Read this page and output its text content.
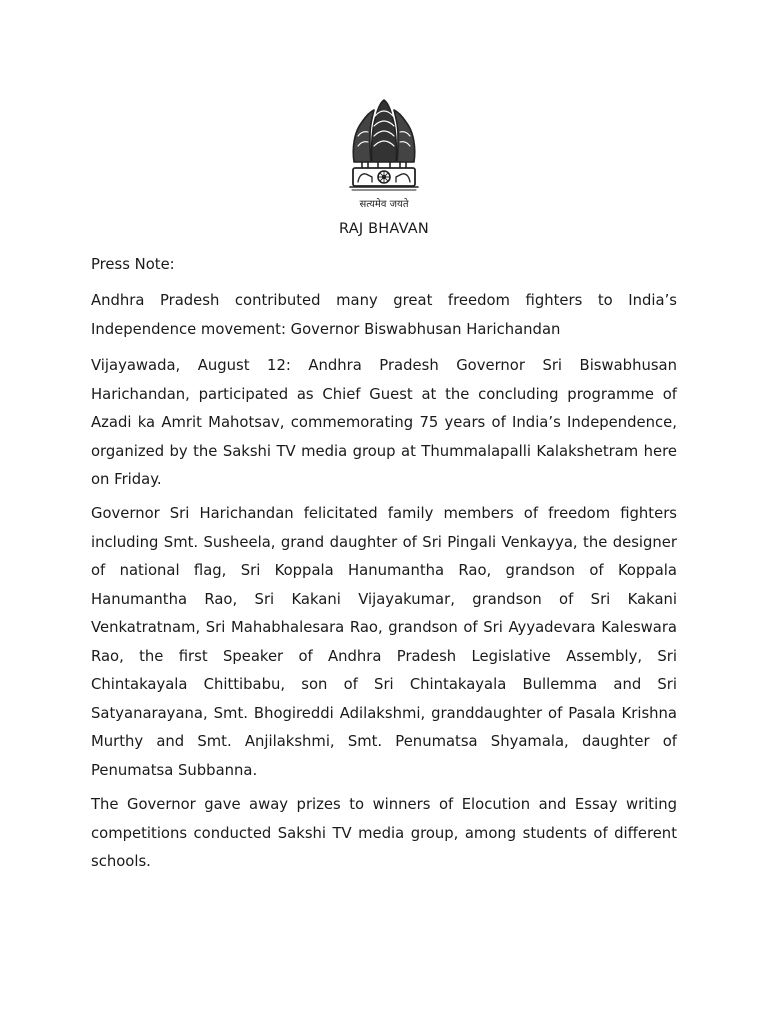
सत्यमेव जयते
RAJ BHAVAN

Press Note:

Andhra Pradesh contributed many great freedom fighters to India’s Independence movement: Governor Biswabhusan Harichandan

Vijayawada, August 12: Andhra Pradesh Governor Sri Biswabhusan Harichandan, participated as Chief Guest at the concluding programme of Azadi ka Amrit Mahotsav, commemorating 75 years of India’s Independence, organized by the Sakshi TV media group at Thummalapalli Kalakshetram here on Friday.

Governor Sri Harichandan felicitated family members of freedom fighters including Smt. Susheela, grand daughter of Sri Pingali Venkayya, the designer of national flag, Sri Koppala Hanumantha Rao, grandson of Koppala Hanumantha Rao, Sri Kakani Vijayakumar, grandson of Sri Kakani Venkatratnam, Sri Mahabhalesara Rao, grandson of Sri Ayyadevara Kaleswara Rao, the first Speaker of Andhra Pradesh Legislative Assembly, Sri Chintakayala Chittibabu, son of Sri Chintakayala Bullemma and Sri Satyanarayana, Smt. Bhogireddi Adilakshmi, granddaughter of Pasala Krishna Murthy and Smt. Anjilakshmi, Smt. Penumatsa Shyamala, daughter of Penumatsa Subbanna.

The Governor gave away prizes to winners of Elocution and Essay writing competitions conducted Sakshi TV media group, among students of different schools.
